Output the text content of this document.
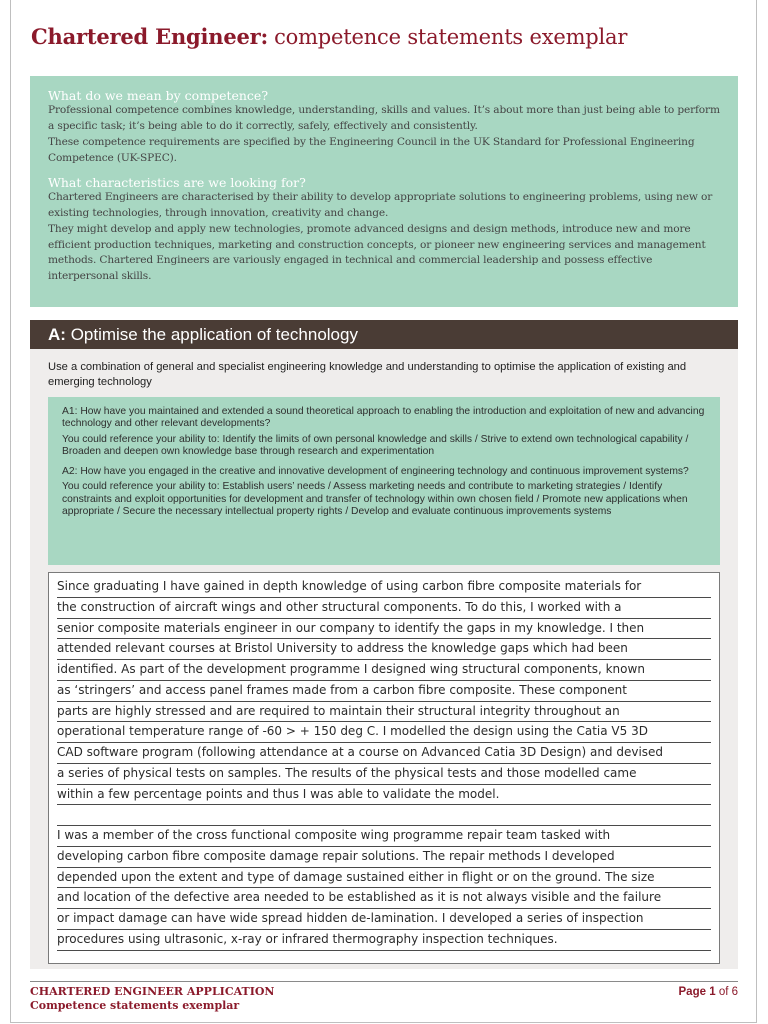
Chartered Engineer: competence statements exemplar
What do we mean by competence?

Professional competence combines knowledge, understanding, skills and values. It’s about more than just being able to perform a specific task; it’s being able to do it correctly, safely, effectively and consistently.

These competence requirements are specified by the Engineering Council in the UK Standard for Professional Engineering Competence (UK-SPEC).

What characteristics are we looking for?

Chartered Engineers are characterised by their ability to develop appropriate solutions to engineering problems, using new or existing technologies, through innovation, creativity and change.

They might develop and apply new technologies, promote advanced designs and design methods, introduce new and more efficient production techniques, marketing and construction concepts, or pioneer new engineering services and management methods. Chartered Engineers are variously engaged in technical and commercial leadership and possess effective interpersonal skills.

A: Optimise the application of technology
Use a combination of general and specialist engineering knowledge and understanding to optimise the application of existing and emerging technology

A1: How have you maintained and extended a sound theoretical approach to enabling the introduction and exploitation of new and advancing technology and other relevant developments?

You could reference your ability to: Identify the limits of own personal knowledge and skills / Strive to extend own technological capability / Broaden and deepen own knowledge base through research and experimentation

A2: How have you engaged in the creative and innovative development of engineering technology and continuous improvement systems?

You could reference your ability to: Establish users’ needs / Assess marketing needs and contribute to marketing strategies / Identify constraints and exploit opportunities for development and transfer of technology within own chosen field / Promote new applications when appropriate / Secure the necessary intellectual property rights / Develop and evaluate continuous improvements systems

Since graduating I have gained in depth knowledge of using carbon fibre composite materials for
the construction of aircraft wings and other structural components. To do this, I worked with a
senior composite materials engineer in our company to identify the gaps in my knowledge. I then
attended relevant courses at Bristol University to address the knowledge gaps which had been
identified. As part of the development programme I designed wing structural components, known
as ‘stringers’ and access panel frames made from a carbon fibre composite. These component
parts are highly stressed and are required to maintain their structural integrity throughout an
operational temperature range of -60 > + 150 deg C. I modelled the design using the Catia V5 3D
CAD software program (following attendance at a course on Advanced Catia 3D Design) and devised
a series of physical tests on samples. The results of the physical tests and those modelled came
within a few percentage points and thus I was able to validate the model.
I was a member of the cross functional composite wing programme repair team tasked with
developing carbon fibre composite damage repair solutions. The repair methods I developed
depended upon the extent and type of damage sustained either in flight or on the ground. The size
and location of the defective area needed to be established as it is not always visible and the failure
or impact damage can have wide spread hidden de-lamination. I developed a series of inspection
procedures using ultrasonic, x-ray or infrared thermography inspection techniques.
CHARTERED ENGINEER APPLICATION
Competence statements exemplar
Page 1 of 6
